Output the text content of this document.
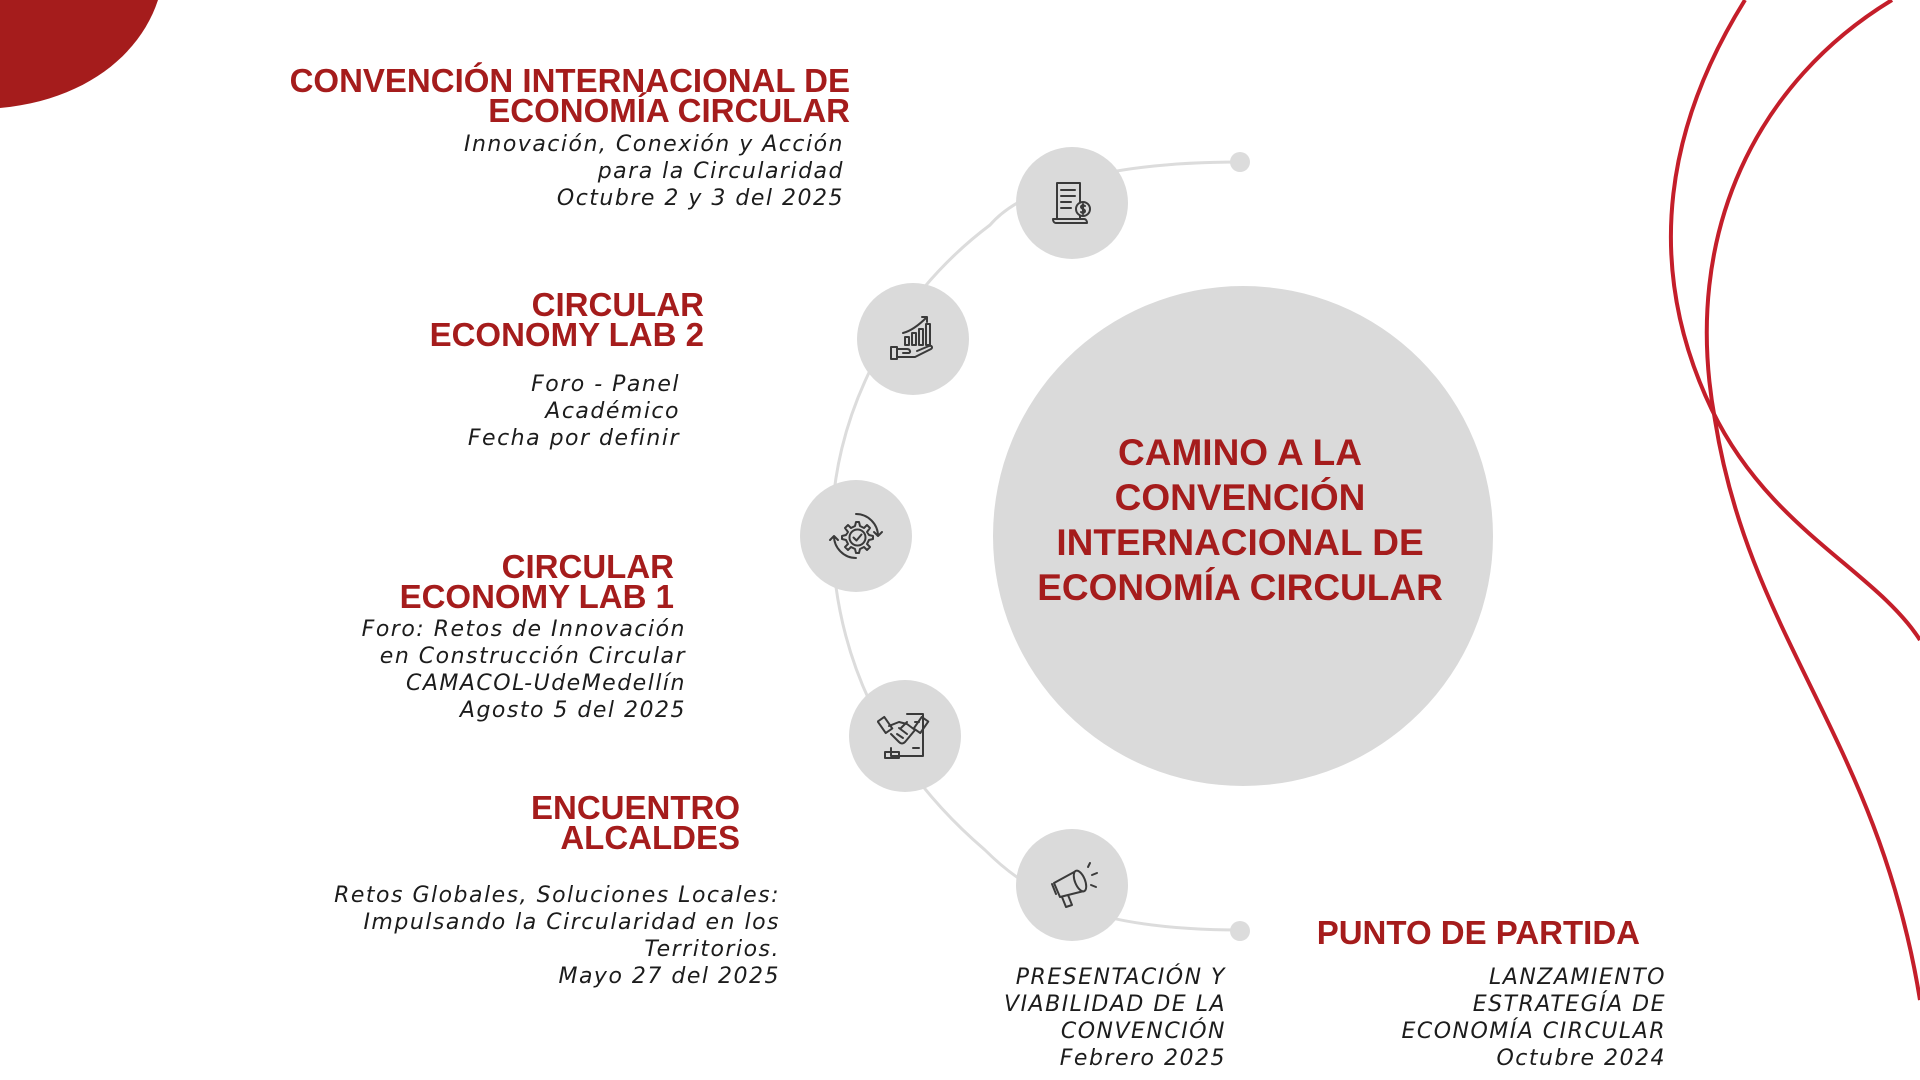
CAMINO A LA
CONVENCIÓN
INTERNACIONAL DE
ECONOMÍA CIRCULAR
CONVENCIÓN INTERNACIONAL DE
ECONOMÍA CIRCULAR
Innovación, Conexión y Acción
para la Circularidad
Octubre 2 y 3 del 2025
CIRCULAR
ECONOMY LAB 2
Foro - Panel
Académico
Fecha por definir
CIRCULAR
ECONOMY LAB 1
Foro: Retos de Innovación
en Construcción Circular
CAMACOL-UdeMedellín
Agosto 5 del 2025
ENCUENTRO
ALCALDES
Retos Globales, Soluciones Locales:
Impulsando la Circularidad en los
Territorios.
Mayo 27 del 2025	PRESENTACIÓN Y
VIABILIDAD DE LA
CONVENCIÓN
Febrero 2025
PUNTO DE PARTIDA
LANZAMIENTO
ESTRATEGÍA DE
ECONOMÍA CIRCULAR
Octubre 2024
